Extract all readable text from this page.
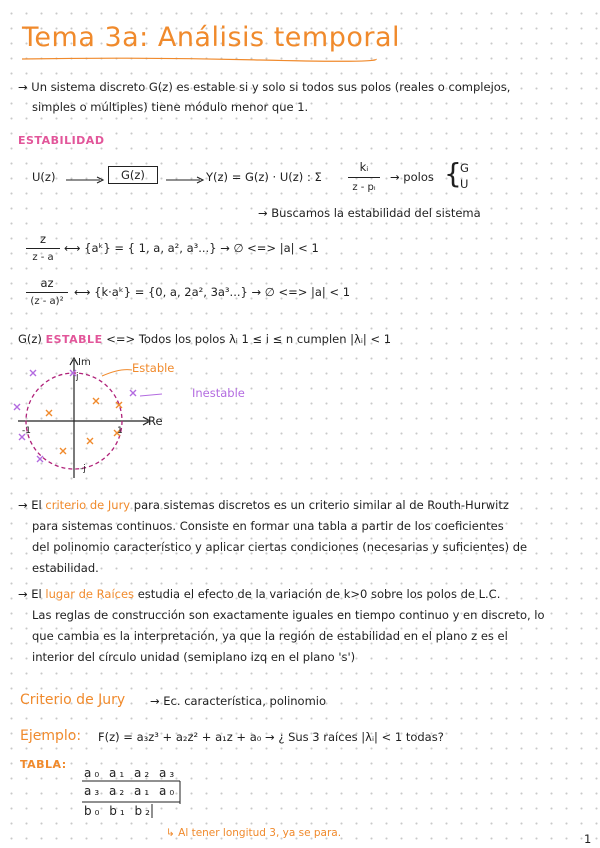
Tema 3a: Análisis temporal
→ Un sistema discreto G(z) es estable si y solo si todos sus polos (reales o complejos,
simples o múltiples) tiene módulo menor que 1.
ESTABILIDAD
U(z)	G(z)	Y(z) = G(z) · U(z) : Σ
kᵢ
z - pᵢ
→ polos {
G
U
→ Buscamos la estabilidad del sistema
z
z - a
⟷ {aᵏ} = { 1, a, a², a³...} → ∅ <=> |a| < 1
az
(z - a)²
⟷ {k·aᵏ} = {0, a, 2a², 3a³...} → ∅ <=> |a| < 1
G(z) ESTABLE <=> Todos los polos λᵢ 1 ≤ i ≤ n cumplen |λᵢ| < 1
Im
Re
Estable
Inestable
j
-j
1
-1
→ El criterio de Jury para sistemas discretos es un criterio similar al de Routh-Hurwitz
para sistemas continuos. Consiste en formar una tabla a partir de los coeficientes
del polinomio característico y aplicar ciertas condiciones (necesarias y suficientes) de
estabilidad.
→ El lugar de Raíces estudia el efecto de la variación de k>0 sobre los polos de L.C.
Las reglas de construcción son exactamente iguales en tiempo continuo y en discreto, lo
que cambia es la interpretación, ya que la región de estabilidad en el plano z es el
interior del círculo unidad (semiplano izq en el plano 's')
Criterio de Jury → Ec. característica, polinomio
Ejemplo: F(z) = a₃z³ + a₂z² + a₁z + a₀ → ¿ Sus 3 raíces |λᵢ| < 1 todas?
TABLA:
a₀ a₁ a₂ a₃
a₃ a₂ a₁ a₀
b₀ b₁ b₂
↳ Al tener longitud 3, ya se para.	1
